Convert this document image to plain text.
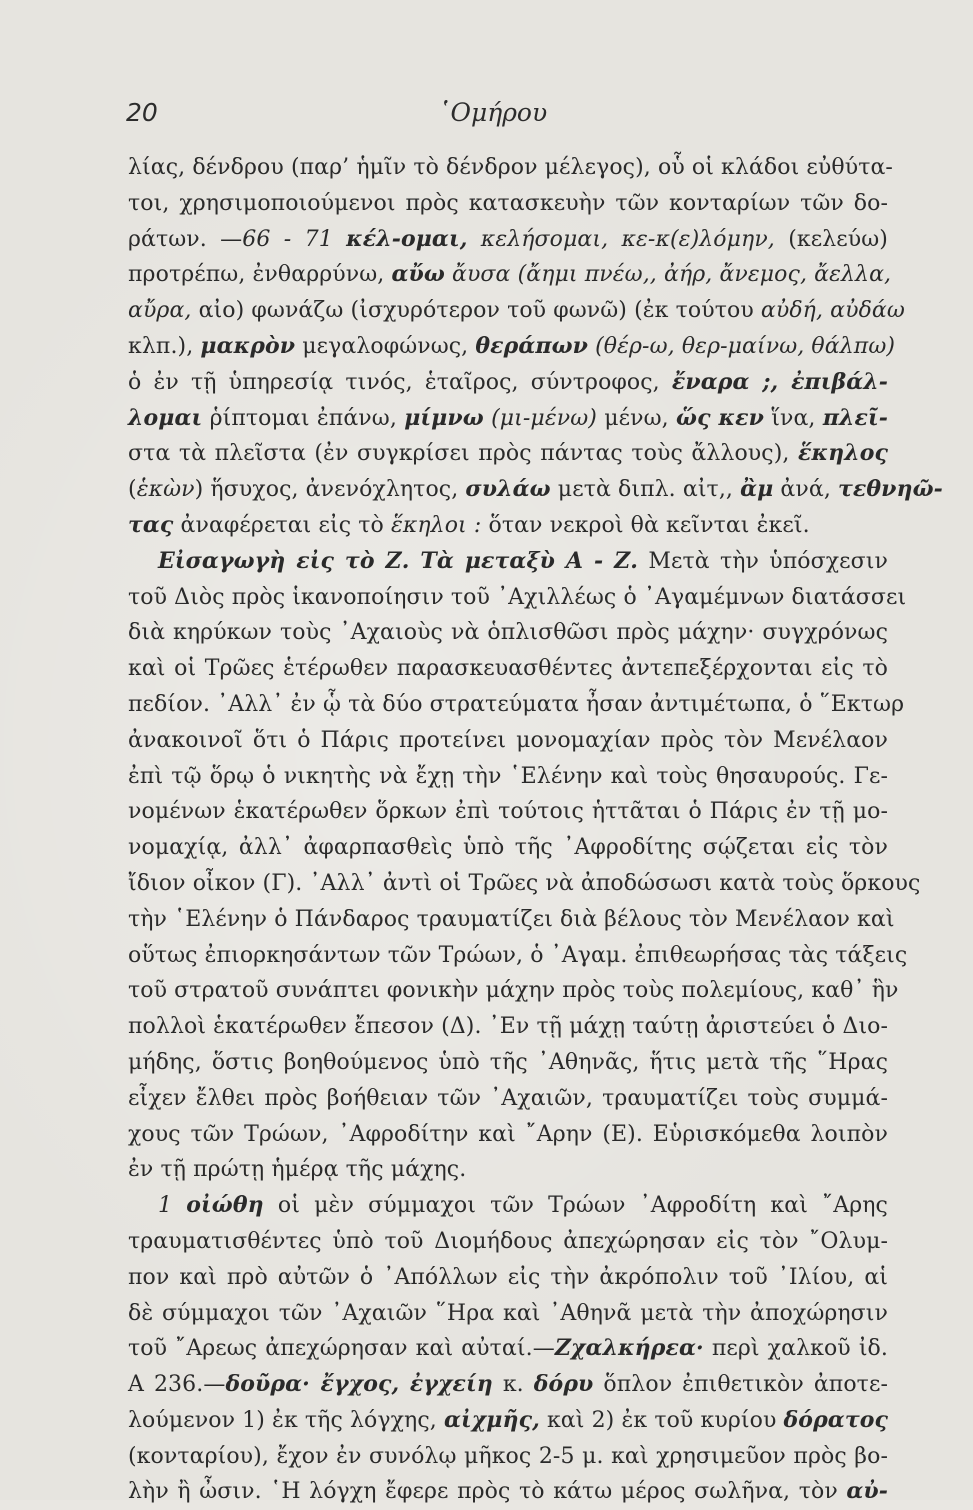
20	῾Ομήρου
λίας, δένδρου (παρ’ ἡμῖν τὸ δένδρον μέλεγος), οὗ οἱ κλάδοι εὐθύτα-
τοι, χρησιμοποιούμενοι πρὸς κατασκευὴν τῶν κονταρίων τῶν δο-
ράτων. —66 - 71 κέλ-ομαι, κελήσομαι, κε-κ(ε)λόμην, (κελεύω)
προτρέπω, ἐνθαρρύνω, αὔω ἄυσα (ἄημι πνέω,, ἀήρ, ἄνεμος, ἄελλα,
αὔρα, αἰο) φωνάζω (ἰσχυρότερον τοῦ φωνῶ) (ἐκ τούτου αὐδή, αὐδάω
κλπ.), μακρὸν μεγαλοφώνως, θεράπων (θέρ-ω, θερ-μαίνω, θάλπω)
ὁ ἐν τῇ ὑπηρεσίᾳ τινός, ἑταῖρος, σύντροφος, ἔναρα ;, ἐπιβάλ-
λομαι ῥίπτομαι ἐπάνω, μίμνω (μι-μένω) μένω, ὥς κεν ἵνα, πλεῖ-
στα τὰ πλεῖστα (ἐν συγκρίσει πρὸς πάντας τοὺς ἄλλους), ἕκηλος
(ἑκὼν) ἥσυχος, ἀνενόχλητος, συλάω μετὰ διπλ. αἰτ,, ἂμ ἀνά, τεθνηῶ-
τας ἀναφέρεται εἰς τὸ ἕκηλοι : ὅταν νεκροὶ θὰ κεῖνται ἐκεῖ.
Εἰσαγωγὴ εἰς τὸ Ζ. Τὰ μεταξὺ Α - Ζ. Μετὰ τὴν ὑπόσχεσιν
τοῦ Διὸς πρὸς ἱκανοποίησιν τοῦ ᾿Αχιλλέως ὁ ᾿Αγαμέμνων διατάσσει
διὰ κηρύκων τοὺς ᾿Αχαιοὺς νὰ ὁπλισθῶσι πρὸς μάχην· συγχρόνως
καὶ οἱ Τρῶες ἑτέρωθεν παρασκευασθέντες ἀντεπεξέρχονται εἰς τὸ
πεδίον. ᾿Αλλ᾿ ἐν ᾧ τὰ δύο στρατεύματα ἦσαν ἀντιμέτωπα, ὁ ῞Εκτωρ
ἀνακοινοῖ ὅτι ὁ Πάρις προτείνει μονομαχίαν πρὸς τὸν Μενέλαον
ἐπὶ τῷ ὅρῳ ὁ νικητὴς νὰ ἔχῃ τὴν ῾Ελένην καὶ τοὺς θησαυρούς. Γε-
νομένων ἑκατέρωθεν ὅρκων ἐπὶ τούτοις ἡττᾶται ὁ Πάρις ἐν τῇ μο-
νομαχίᾳ, ἀλλ᾿ ἀφαρπασθεὶς ὑπὸ τῆς ᾿Αφροδίτης σῴζεται εἰς τὸν
ἴδιον οἶκον (Γ). ᾿Αλλ᾿ ἀντὶ οἱ Τρῶες νὰ ἀποδώσωσι κατὰ τοὺς ὅρκους
τὴν ῾Ελένην ὁ Πάνδαρος τραυματίζει διὰ βέλους τὸν Μενέλαον καὶ
οὕτως ἐπιορκησάντων τῶν Τρώων, ὁ ᾿Αγαμ. ἐπιθεωρήσας τὰς τάξεις
τοῦ στρατοῦ συνάπτει φονικὴν μάχην πρὸς τοὺς πολεμίους, καθ᾿ ἣν
πολλοὶ ἑκατέρωθεν ἔπεσον (Δ). ᾿Εν τῇ μάχῃ ταύτῃ ἀριστεύει ὁ Διο-
μήδης, ὅστις βοηθούμενος ὑπὸ τῆς ᾿Αθηνᾶς, ἥτις μετὰ τῆς ῞Ηρας
εἶχεν ἔλθει πρὸς βοήθειαν τῶν ᾿Αχαιῶν, τραυματίζει τοὺς συμμά-
χους τῶν Τρώων, ᾿Αφροδίτην καὶ ῎Αρην (Ε). Εὑρισκόμεθα λοιπὸν
ἐν τῇ πρώτῃ ἡμέρᾳ τῆς μάχης.
1 οἰώθη οἱ μὲν σύμμαχοι τῶν Τρώων ᾿Αφροδίτη καὶ ῎Αρης
τραυματισθέντες ὑπὸ τοῦ Διομήδους ἀπεχώρησαν εἰς τὸν ῎Ολυμ-
πον καὶ πρὸ αὐτῶν ὁ ᾿Απόλλων εἰς τὴν ἀκρόπολιν τοῦ ᾿Ιλίου, αἱ
δὲ σύμμαχοι τῶν ᾿Αχαιῶν ῞Ηρα καὶ ᾿Αθηνᾶ μετὰ τὴν ἀποχώρησιν
τοῦ ῎Αρεως ἀπεχώρησαν καὶ αὐταί.—Ζχαλκήρεα· περὶ χαλκοῦ ἰδ.
Α 236.—δοῦρα· ἔγχος, ἐγχείη κ. δόρυ ὅπλον ἐπιθετικὸν ἀποτε-
λούμενον 1) ἐκ τῆς λόγχης, αἰχμῆς, καὶ 2) ἐκ τοῦ κυρίου δόρατος
(κονταρίου), ἔχον ἐν συνόλῳ μῆκος 2-5 μ. καὶ χρησιμεῦον πρὸς βο-
λὴν ἢ ὦσιν. ῾Η λόγχη ἔφερε πρὸς τὸ κάτω μέρος σωλῆνα, τὸν αὐ-
